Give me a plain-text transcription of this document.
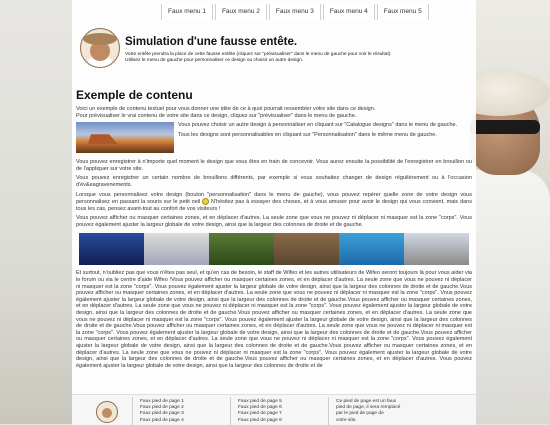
Faux menu 1	Faux menu 2	Faux menu 3	Faux menu 4	Faux menu 5
Simulation d'une fausse entête.
Votre entête prendra la place de cette fausse entête (cliquez sur "prévisualiser" dans le menu de gauche pour voir le résultat).
Utilisez le menu de gauche pour personnaliser ce design ou choisir un autre design.
Exemple de contenu

Voici un exemple de contenu textuel pour vous donner une idée de ce à quoi pourrait ressembler votre site dans ce design.
Pour prévisualiser le vrai contenu de votre site dans ce design, cliquez sur "prévisualiser" dans le menu de gauche.

Vous pouvez choisir un autre design à personnaliser en cliquant sur "Catalogue designs" dans le menu de gauche.

Tous les designs sont personnalisables en cliquant sur "Personnalisation" dans le même menu de gauche.

Vous pouvez enregistrer à n'importe quel moment le design que vous êtes en train de concevoir. Vous aurez ensuite la possibilité de l'enregistrer en brouillon ou de l'appliquer sur votre site.

Vous pouvez enregistrer un certain nombre de brouillons différents, par exemple si vous souhaitez changer de design régulièrement ou à l'occasion d'év&eagravenements.

Lorsque vous personnalisez votre design (bouton "personnalisation" dans le menu de gauche), vous pouvez repérer quelle zone de votre design vous personnalisez en passant la souris sur le petit oeil N'hésitez pas à essayer des choses, et à vous amuser pour avoir le design qui vous convient, mais dans tous les cas, pensez avant-tout au confort de vos visiteurs !

Vous pouvez afficher ou masquer certaines zones, et en déplacer d'autres. La seule zone que vous ne pouvez ni déplacer ni masquer est la zone "corps". Vous pouvez également ajuster la largeur globale de votre design, ainsi que la largeur des colonnes de droite et de gauche.

Et surtout, n'oubliez pas que vous n'êtes pas seul, et qu'en cas de besoin, le staff de Wifeo et les autres utilisateurs de Wifeo seront toujours là pour vous aider via le forum ou via le centre d'aide Wifeo !Vous pouvez afficher ou masquer certaines zones, et en déplacer d'autres. La seule zone que vous ne pouvez ni déplacer ni masquer est la zone "corps". Vous pouvez également ajuster la largeur globale de votre design, ainsi que la largeur des colonnes de droite et de gauche.Vous pouvez afficher ou masquer certaines zones, et en déplacer d'autres. La seule zone que vous ne pouvez ni déplacer ni masquer est la zone "corps". Vous pouvez également ajuster la largeur globale de votre design, ainsi que la largeur des colonnes de droite et de gauche.Vous pouvez afficher ou masquer certaines zones, et en déplacer d'autres. La seule zone que vous ne pouvez ni déplacer ni masquer est la zone "corps". Vous pouvez également ajuster la largeur globale de votre design, ainsi que la largeur des colonnes de droite et de gauche.Vous pouvez afficher ou masquer certaines zones, et en déplacer d'autres. La seule zone que vous ne pouvez ni déplacer ni masquer est la zone "corps". Vous pouvez également ajuster la largeur globale de votre design, ainsi que la largeur des colonnes de droite et de gauche.Vous pouvez afficher ou masquer certaines zones, et en déplacer d'autres. La seule zone que vous ne pouvez ni déplacer ni masquer est la zone "corps". Vous pouvez également ajuster la largeur globale de votre design, ainsi que la largeur des colonnes de droite et de gauche.Vous pouvez afficher ou masquer certaines zones, et en déplacer d'autres. La seule zone que vous ne pouvez ni déplacer ni masquer est la zone "corps". Vous pouvez également ajuster la largeur globale de votre design, ainsi que la largeur des colonnes de droite et de gauche.Vous pouvez afficher ou masquer certaines zones, et en déplacer d'autres. La seule zone que vous ne pouvez ni déplacer ni masquer est la zone "corps". Vous pouvez également ajuster la largeur globale de votre design, ainsi que la largeur des colonnes de droite et de gauche.Vous pouvez afficher ou masquer certaines zones, et en déplacer d'autres. Vous pouvez également ajuster la largeur globale de votre design, ainsi que la largeur des colonnes de droite et de

Faux pied de page 1
Faux pied de page 2
Faux pied de page 3
Faux pied de page 4
Faux pied de page 5
Faux pied de page 6
Faux pied de page 7
Faux pied de page 8
Ce pied de page est un faux
pied de page, il sera remplacé
par le pied de page de
votre site.
